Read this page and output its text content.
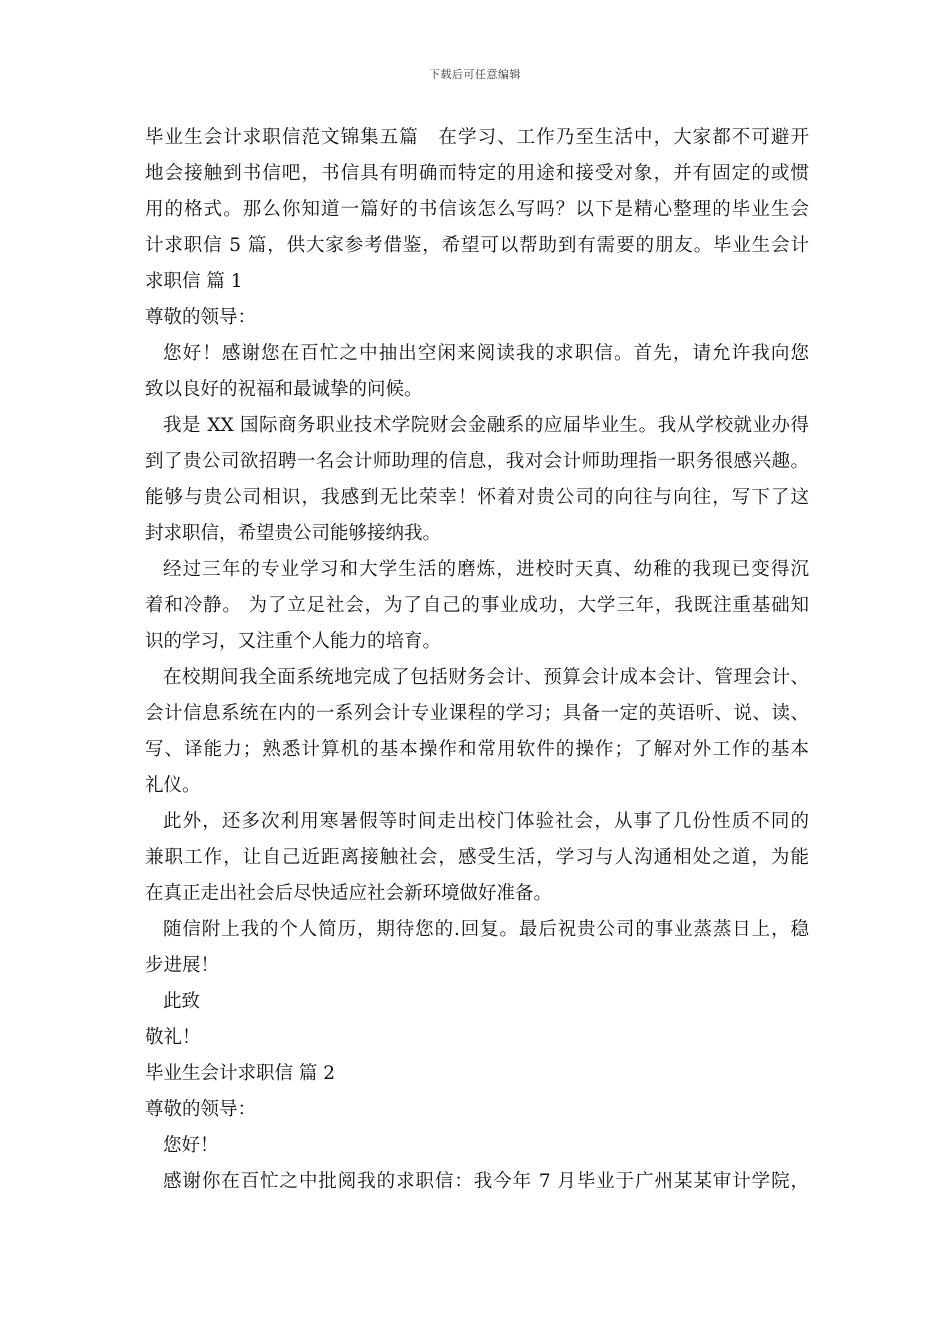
下载后可任意编辑
毕业生会计求职信范文锦集五篇　在学习、工作乃至生活中，大家都不可避开
地会接触到书信吧，书信具有明确而特定的用途和接受对象，并有固定的或惯
用的格式。那么你知道一篇好的书信该怎么写吗？以下是精心整理的毕业生会
计求职信 5 篇，供大家参考借鉴，希望可以帮助到有需要的朋友。毕业生会计
求职信 篇 1
尊敬的领导：
您好！感谢您在百忙之中抽出空闲来阅读我的求职信。首先，请允许我向您
致以良好的祝福和最诚挚的问候。
我是 XX 国际商务职业技术学院财会金融系的应届毕业生。我从学校就业办得
到了贵公司欲招聘一名会计师助理的信息，我对会计师助理指一职务很感兴趣。
能够与贵公司相识，我感到无比荣幸！怀着对贵公司的向往与向往，写下了这
封求职信，希望贵公司能够接纳我。
经过三年的专业学习和大学生活的磨炼，进校时天真、幼稚的我现已变得沉
着和冷静。 为了立足社会，为了自己的事业成功，大学三年，我既注重基础知
识的学习，又注重个人能力的培育。
在校期间我全面系统地完成了包括财务会计、预算会计成本会计、管理会计、
会计信息系统在内的一系列会计专业课程的学习；具备一定的英语听、说、读、
写、译能力；熟悉计算机的基本操作和常用软件的操作；了解对外工作的基本
礼仪。
此外，还多次利用寒暑假等时间走出校门体验社会，从事了几份性质不同的
兼职工作，让自己近距离接触社会，感受生活，学习与人沟通相处之道，为能
在真正走出社会后尽快适应社会新环境做好准备。
随信附上我的个人简历，期待您的.回复。最后祝贵公司的事业蒸蒸日上，稳
步进展！
此致
敬礼！
毕业生会计求职信 篇 2
尊敬的领导：
您好！
感谢你在百忙之中批阅我的求职信：我今年 7 月毕业于广州某某审计学院，
